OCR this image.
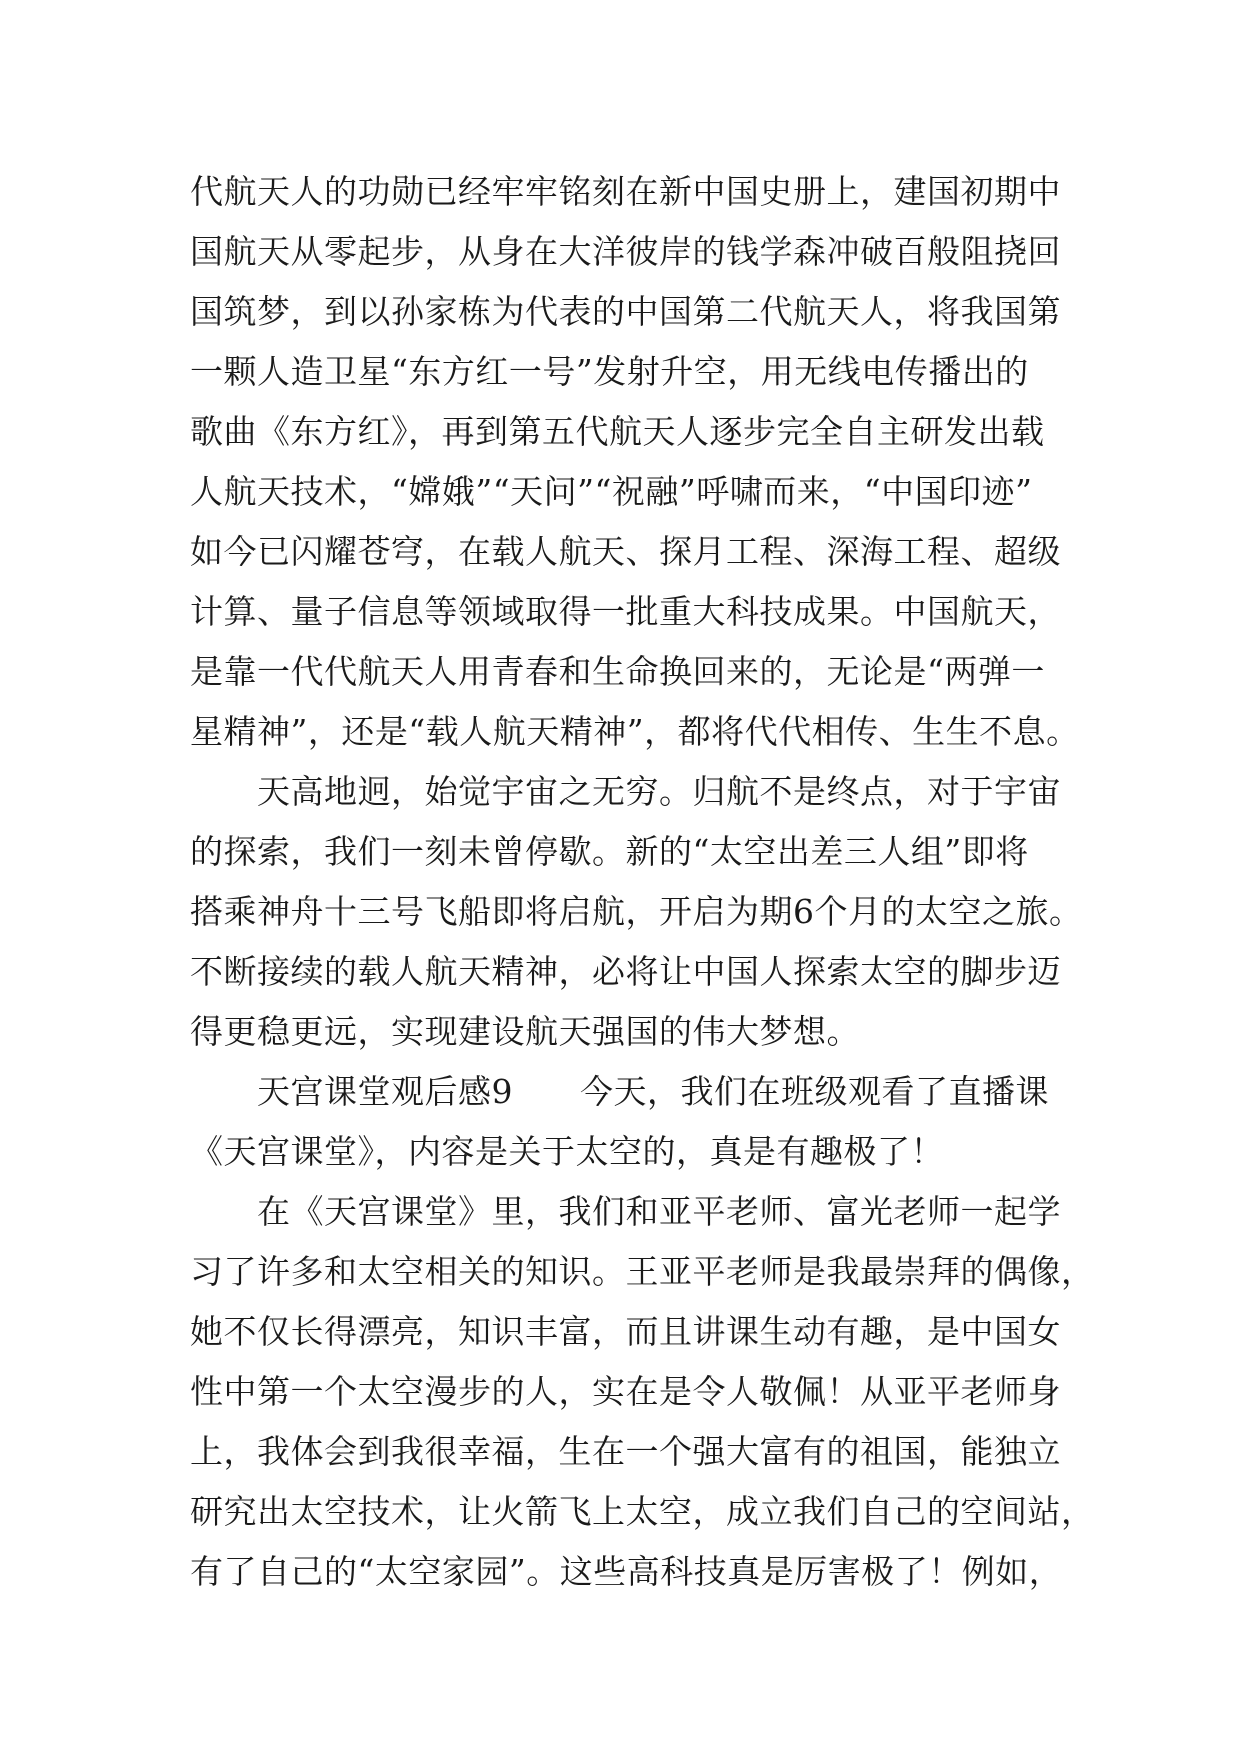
代航天人的功勋已经牢牢铭刻在新中国史册上，建国初期中
国航天从零起步，从身在大洋彼岸的钱学森冲破百般阻挠回
国筑梦，到以孙家栋为代表的中国第二代航天人，将我国第
一颗人造卫星“东方红一号”发射升空，用无线电传播出的
歌曲《东方红》，再到第五代航天人逐步完全自主研发出载
人航天技术，“嫦娥”“天问”“祝融”呼啸而来，“中国印迹”
如今已闪耀苍穹，在载人航天、探月工程、深海工程、超级
计算、量子信息等领域取得一批重大科技成果。中国航天，
是靠一代代航天人用青春和生命换回来的，无论是“两弹一
星精神”，还是“载人航天精神”，都将代代相传、生生不息。
　　天高地迥，始觉宇宙之无穷。归航不是终点，对于宇宙
的探索，我们一刻未曾停歇。新的“太空出差三人组”即将
搭乘神舟十三号飞船即将启航，开启为期6个月的太空之旅。
不断接续的载人航天精神，必将让中国人探索太空的脚步迈
得更稳更远，实现建设航天强国的伟大梦想。
　　天宫课堂观后感9　　今天，我们在班级观看了直播课
《天宫课堂》，内容是关于太空的，真是有趣极了！
　　在《天宫课堂》里，我们和亚平老师、富光老师一起学
习了许多和太空相关的知识。王亚平老师是我最崇拜的偶像，
她不仅长得漂亮，知识丰富，而且讲课生动有趣，是中国女
性中第一个太空漫步的人，实在是令人敬佩！从亚平老师身
上，我体会到我很幸福，生在一个强大富有的祖国，能独立
研究出太空技术，让火箭飞上太空，成立我们自己的空间站，
有了自己的“太空家园”。这些高科技真是厉害极了！例如，
